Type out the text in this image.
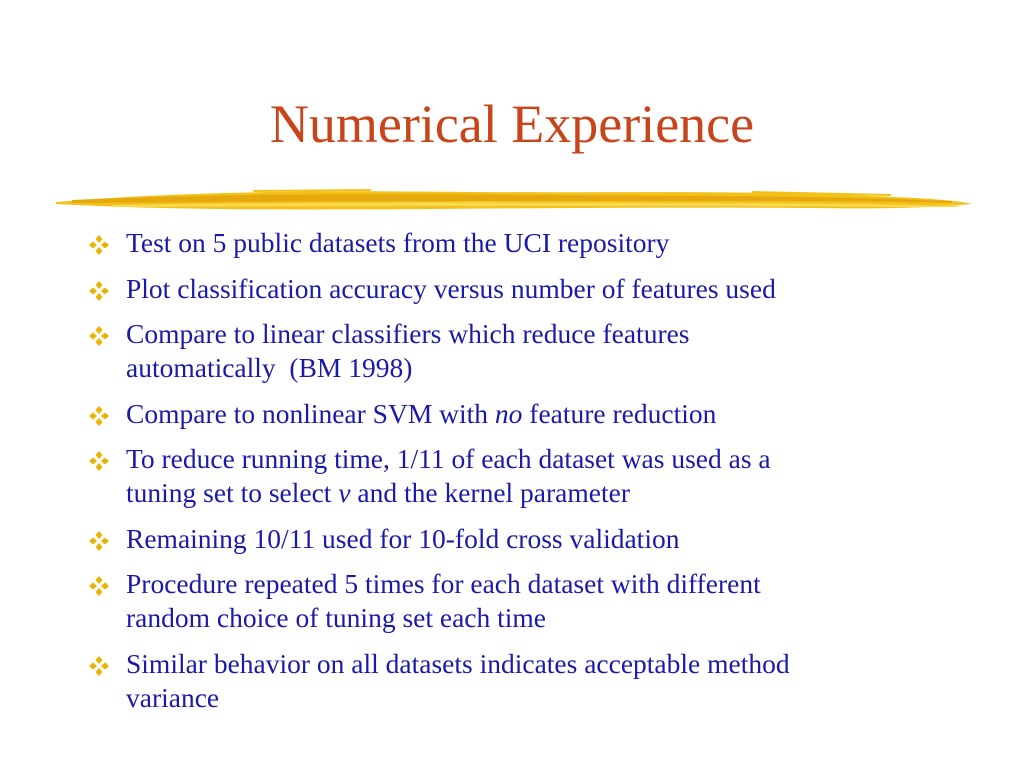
Numerical Experience
Test on 5 public datasets from the UCI repository
Plot classification accuracy versus number of features used
Compare to linear classifiers which reduce features
automatically  (BM 1998)
Compare to nonlinear SVM with no feature reduction
To reduce running time, 1/11 of each dataset was used as a
tuning set to select ν and the kernel parameter
Remaining 10/11 used for 10-fold cross validation
Procedure repeated 5 times for each dataset with different
random choice of tuning set each time
Similar behavior on all datasets indicates acceptable method
variance
